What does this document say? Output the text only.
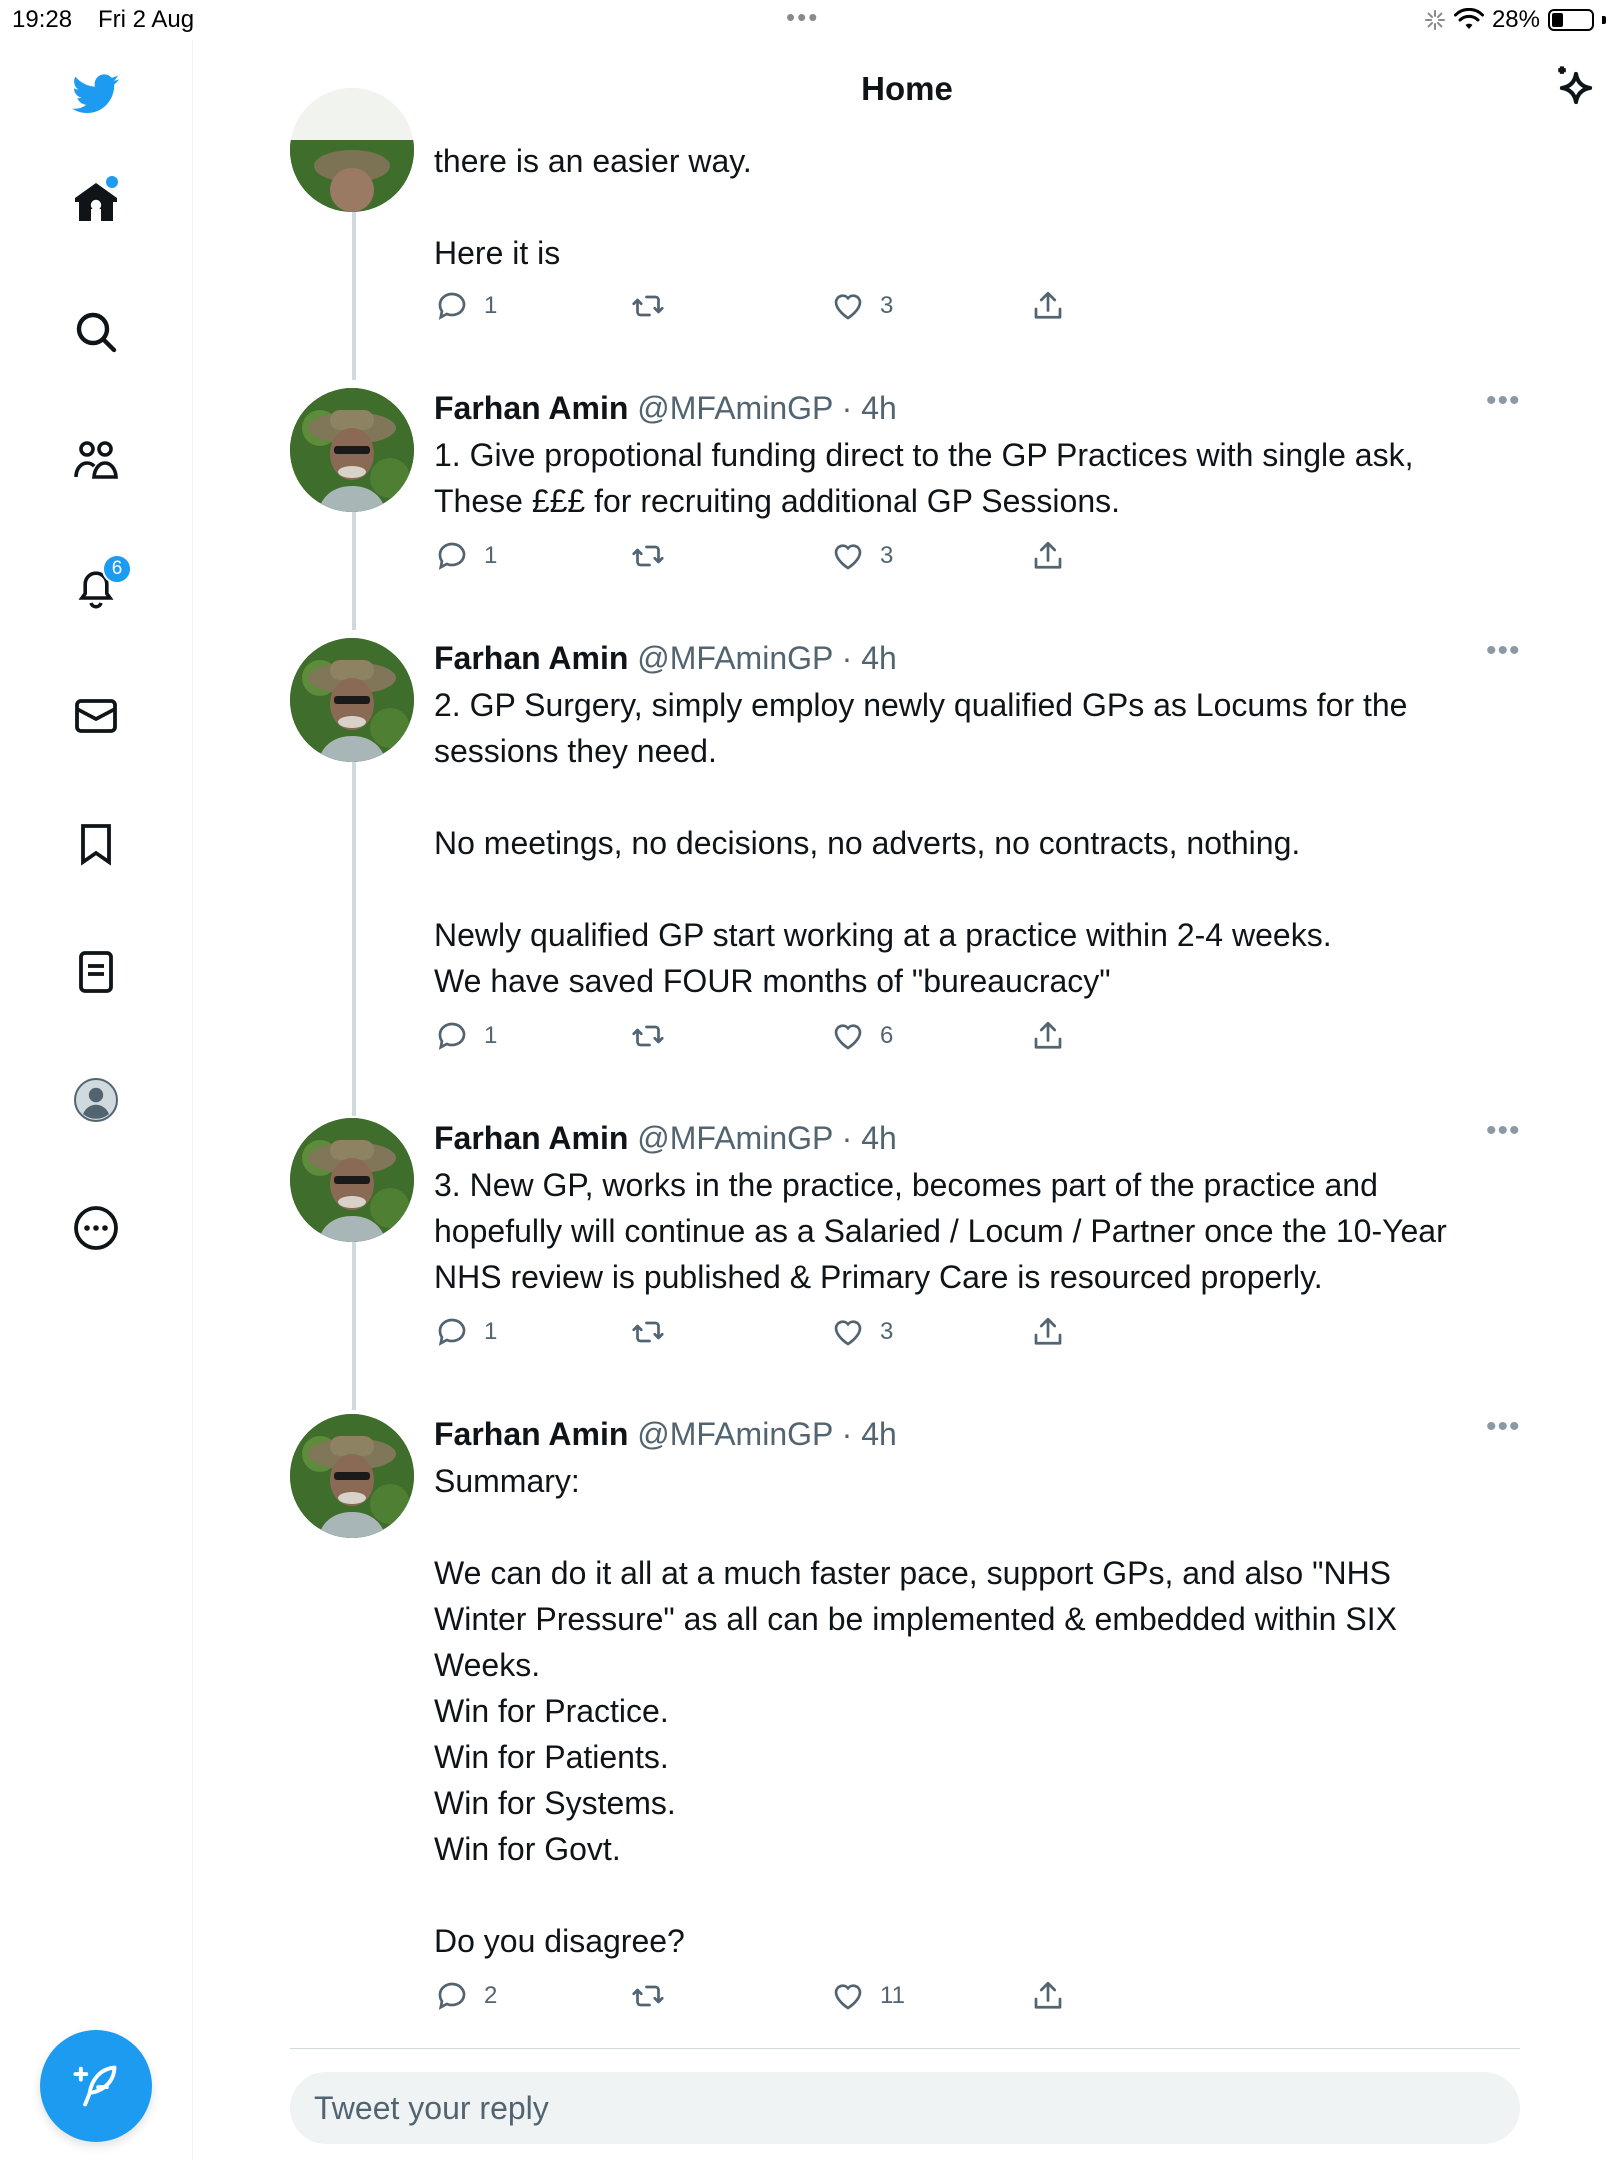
19:28 Fri 2 Aug	•••	28%
6
Home
there is an easier way.

Here it is
1	3
Farhan Amin @MFAminGP · 4h
1. Give propotional funding direct to the GP Practices with single ask,
These £££ for recruiting additional GP Sessions.
•••
1	3
Farhan Amin @MFAminGP · 4h
2. GP Surgery, simply employ newly qualified GPs as Locums for the
sessions they need.

No meetings, no decisions, no adverts, no contracts, nothing.

Newly qualified GP start working at a practice within 2-4 weeks.
We have saved FOUR months of "bureaucracy"
•••
1	6
Farhan Amin @MFAminGP · 4h
3. New GP, works in the practice, becomes part of the practice and
hopefully will continue as a Salaried / Locum / Partner once the 10-Year
NHS review is published & Primary Care is resourced properly.
•••
1	3
Farhan Amin @MFAminGP · 4h
Summary:

We can do it all at a much faster pace, support GPs, and also "NHS
Winter Pressure" as all can be implemented & embedded within SIX
Weeks.
Win for Practice.
Win for Patients.
Win for Systems.
Win for Govt.

Do you disagree?
•••
2	11
Tweet your reply
